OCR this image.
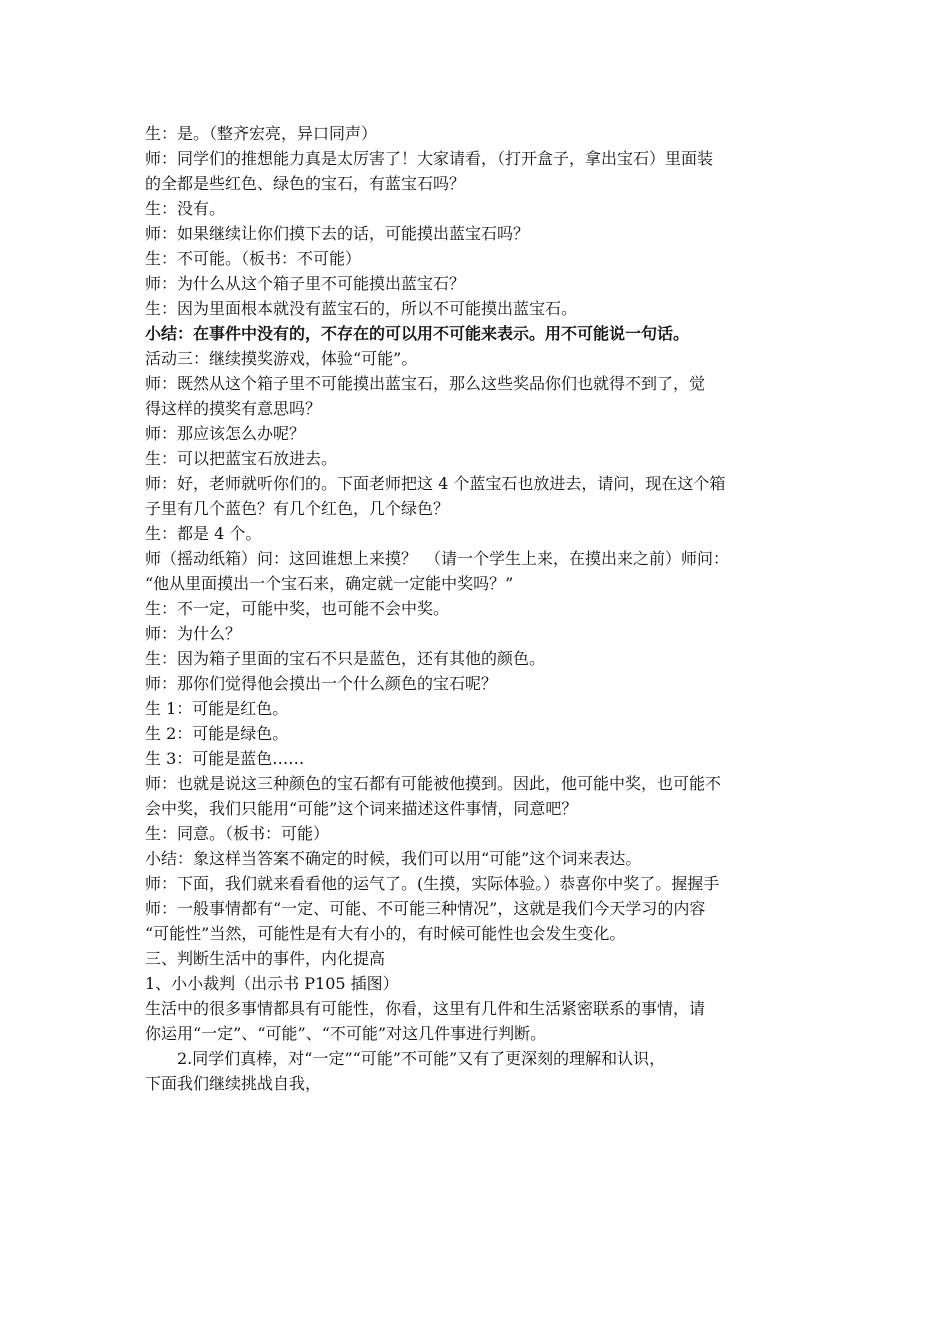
生：是。（整齐宏亮，异口同声）
师：同学们的推想能力真是太厉害了！大家请看，（打开盒子，拿出宝石）里面装
的全都是些红色、绿色的宝石，有蓝宝石吗？
生：没有。
师：如果继续让你们摸下去的话，可能摸出蓝宝石吗？
生：不可能。（板书：不可能）
师：为什么从这个箱子里不可能摸出蓝宝石？
生：因为里面根本就没有蓝宝石的，所以不可能摸出蓝宝石。
小结：在事件中没有的，不存在的可以用不可能来表示。用不可能说一句话。
活动三：继续摸奖游戏，体验“可能”。
师：既然从这个箱子里不可能摸出蓝宝石，那么这些奖品你们也就得不到了，觉
得这样的摸奖有意思吗？
师：那应该怎么办呢？
生：可以把蓝宝石放进去。
师：好，老师就听你们的。下面老师把这 4 个蓝宝石也放进去，请问，现在这个箱
子里有几个蓝色？有几个红色，几个绿色？
生：都是 4 个。
师（摇动纸箱）问：这回谁想上来摸？　（请一个学生上来，在摸出来之前）师问：
“他从里面摸出一个宝石来，确定就一定能中奖吗？”
生：不一定，可能中奖，也可能不会中奖。
师：为什么？
生：因为箱子里面的宝石不只是蓝色，还有其他的颜色。
师：那你们觉得他会摸出一个什么颜色的宝石呢？
生 1：可能是红色。
生 2：可能是绿色。
生 3：可能是蓝色……
师：也就是说这三种颜色的宝石都有可能被他摸到。因此，他可能中奖，也可能不
会中奖，我们只能用“可能”这个词来描述这件事情，同意吧？
生：同意。（板书：可能）
小结：象这样当答案不确定的时候，我们可以用“可能”这个词来表达。
师：下面，我们就来看看他的运气了。(生摸，实际体验。）恭喜你中奖了。握握手
师：一般事情都有“一定、可能、不可能三种情况”，这就是我们今天学习的内容
“可能性”当然，可能性是有大有小的，有时候可能性也会发生变化。
三、判断生活中的事件，内化提高
1、小小裁判（出示书 P105 插图）
生活中的很多事情都具有可能性，你看，这里有几件和生活紧密联系的事情，请
你运用“一定”、“可能”、“不可能”对这几件事进行判断。
2.同学们真棒，对“一定”“可能”不可能”又有了更深刻的理解和认识，
下面我们继续挑战自我，
